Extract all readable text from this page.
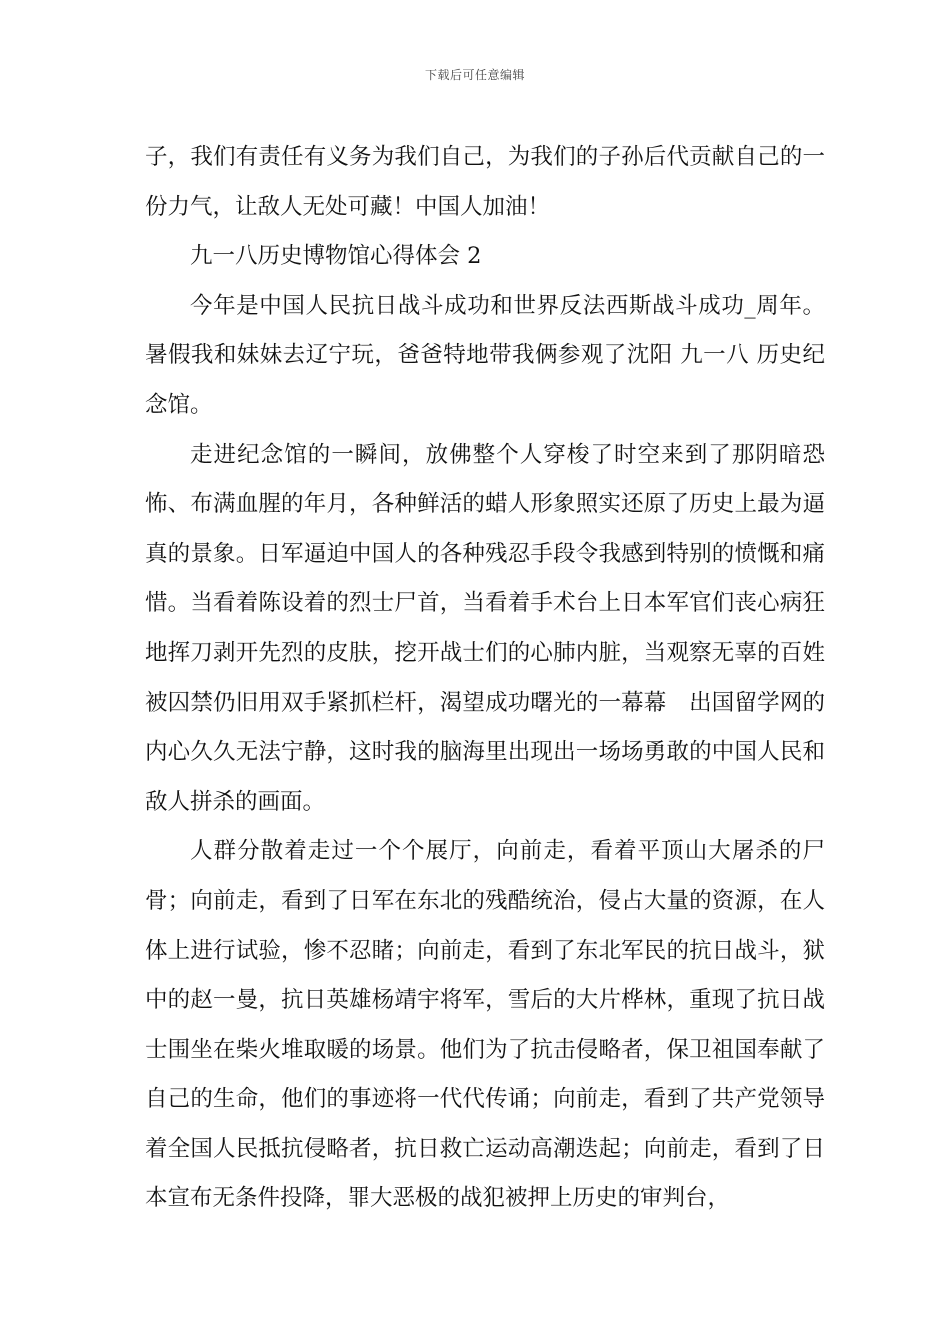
下载后可任意编辑

子，我们有责任有义务为我们自己，为我们的子孙后代贡献自己的一份力气，让敌人无处可藏！中国人加油！

九一八历史博物馆心得体会 2

今年是中国人民抗日战斗成功和世界反法西斯战斗成功_周年。暑假我和妹妹去辽宁玩，爸爸特地带我俩参观了沈阳 九一八 历史纪念馆。

走进纪念馆的一瞬间，放佛整个人穿梭了时空来到了那阴暗恐怖、布满血腥的年月，各种鲜活的蜡人形象照实还原了历史上最为逼真的景象。日军逼迫中国人的各种残忍手段令我感到特别的愤慨和痛惜。当看着陈设着的烈士尸首，当看着手术台上日本军官们丧心病狂地挥刀剥开先烈的皮肤，挖开战士们的心肺内脏，当观察无辜的百姓被囚禁仍旧用双手紧抓栏杆，渴望成功曙光的一幕幕　出国留学网的内心久久无法宁静，这时我的脑海里出现出一场场勇敢的中国人民和敌人拼杀的画面。

人群分散着走过一个个展厅，向前走，看着平顶山大屠杀的尸骨；向前走，看到了日军在东北的残酷统治，侵占大量的资源，在人体上进行试验，惨不忍睹；向前走，看到了东北军民的抗日战斗，狱中的赵一曼，抗日英雄杨靖宇将军，雪后的大片桦林，重现了抗日战士围坐在柴火堆取暖的场景。他们为了抗击侵略者，保卫祖国奉献了自己的生命，他们的事迹将一代代传诵；向前走，看到了共产党领导着全国人民抵抗侵略者，抗日救亡运动高潮迭起；向前走，看到了日本宣布无条件投降，罪大恶极的战犯被押上历史的审判台，
